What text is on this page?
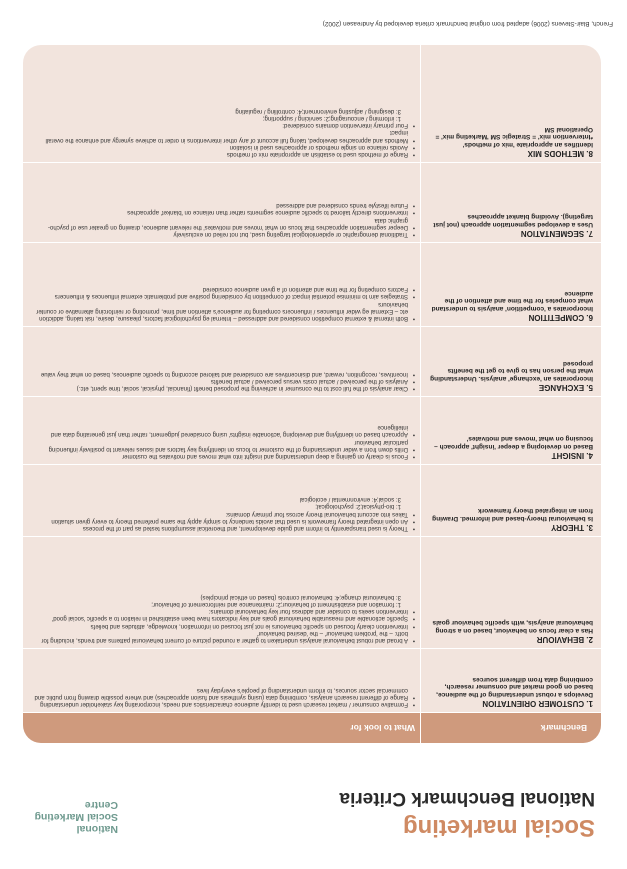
Social marketing
National Benchmark Criteria
National
Social Marketing
Centre
Benchmark
What to look for
1. CUSTOMER ORIENTATION
Develops a robust understanding of the audience, based on good market and consumer research, combining data from different sources
• Formative consumer / market research used to identify audience characteristics and needs, incorporating key stakeholder understanding
• Range of different research analysis, combining data (using synthesis and fusion approaches) and where possible drawing from public and commercial sector sources, to inform understanding of people's everyday lives
2. BEHAVIOUR
Has a clear focus on behaviour, based on a strong behavioural analysis, with specific behaviour goals
• A broad and robust behavioural analysis undertaken to gather a rounded picture of current behavioural patterns and trends, including for both: – the 'problem behaviour' – the 'desired behaviour'
• Intervention clearly focused on specific behaviours ie not just focused on information, knowledge, attitudes and beliefs
• Specific actionable and measurable behavioural goals and key indicators have been established in relation to a specific 'social good'
• Intervention seeks to consider and address four key behavioural domains:
1: formation and establishment of behaviour;2: maintenance and reinforcement of behaviour;
3: behavioural change;4: behavioural controls (based on ethical principles)
3. THEORY
Is behavioural theory-based and informed. Drawing from an integrated theory framework
• Theory is used transparently to inform and guide development, and theoretical assumptions tested as part of the process
• An open integrated theory framework is used that avoids tendency to simply apply the same preferred theory to every given situation
• Takes into account behavioural theory across four primary domains:
1: bio-physical;2: psychological;
3: social;4: environmental / ecological
4. INSIGHT
Based on developing a deeper 'insight' approach – focusing on what 'moves and motivates'
• Focus is clearly on gaining a deep understanding and insight into what moves and motivates the customer
• Drills down from a wider understanding of the customer to focus on identifying key factors and issues relevant to positively influencing particular behaviour
• Approach based on identifying and developing 'actionable insights' using considered judgement, rather than just generating data and intelligence
5. EXCHANGE
Incorporates an 'exchange' analysis. Understanding what the person has to give to get the benefits proposed
• Clear analysis of the full cost to the consumer in achieving the proposed benefit (financial, physical, social, time spent, etc.)
• Analysis of the perceived / actual costs versus perceived / actual benefits
• Incentives, recognition, reward, and disincentives are considered and tailored according to specific audiences, based on what they value
6. COMPETITION
Incorporates a 'competition' analysis to understand what competes for the time and attention of the audience
• Both internal & external competition considered and addressed – Internal eg psychological factors, pleasure, desire, risk taking, addiction etc – External eg wider influences / influencers competing for audience's attention and time, promoting or reinforcing alternative or counter behaviours
• Strategies aim to minimise potential impact of competition by considering positive and problematic external influences & influencers
• Factors competing for the time and attention of a given audience considered
7. SEGMENTATION
Uses a developed segmentation approach (not just targeting). Avoiding blanket approaches
• Traditional demographic or epidemiological targeting used, but not relied on exclusively
• Deeper segmentation approaches that focus on what 'moves and motivates' the relevant audience, drawing on greater use of psycho-graphic data
• Interventions directly tailored to specific audience segments rather than reliance on 'blanket' approaches
• Future lifestyle trends considered and addressed
8. METHODS MIX
Identifies an appropriate 'mix of methods' *Intervention mix' = Strategic SM 'Marketing mix' = Operational SM
• Range of methods used to establish an appropriate mix of methods
• Avoids reliance on single methods or approaches used in isolation
• Methods and approaches developed, taking full account of any other interventions in order to achieve synergy and enhance the overall impact
• Four primary intervention domains considered:
1: informing / encouraging;2: servicing / supporting;
3: designing / adjusting environment;4: controlling / regulating
French, Blair-Stevens (2006) adapted from original benchmark criteria developed by Andreasen (2002)
